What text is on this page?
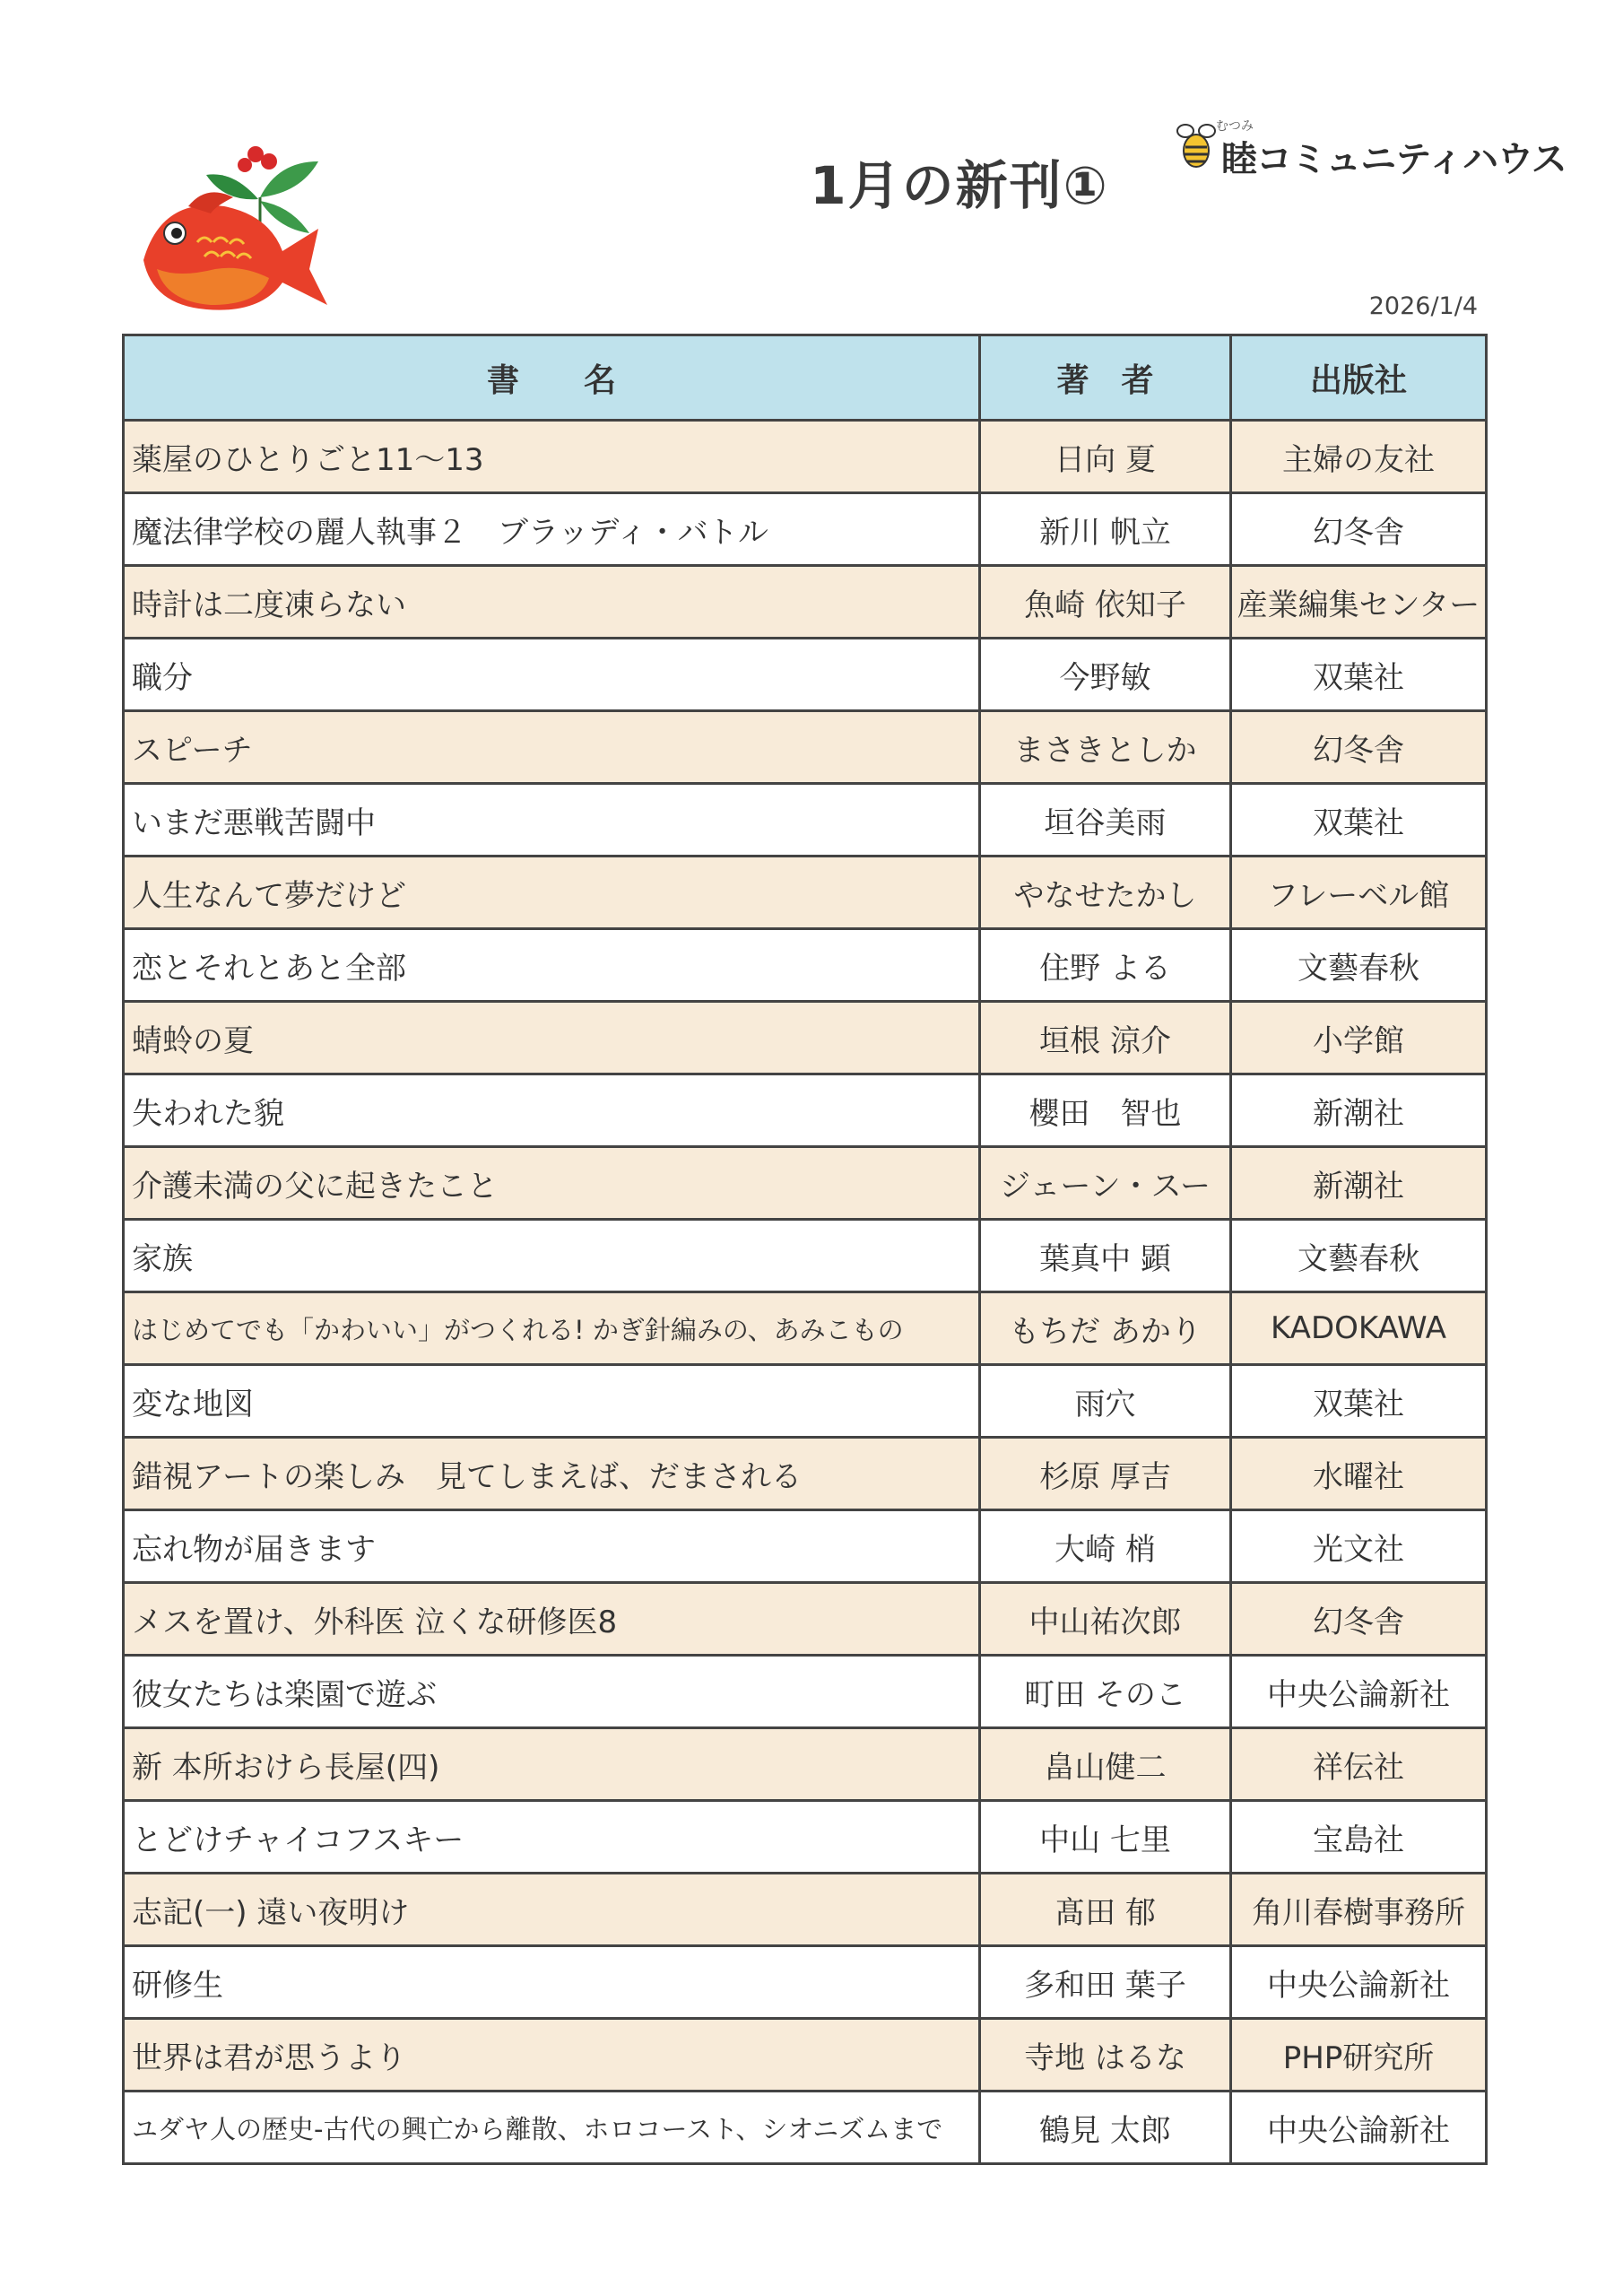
1月の新刊①
むつみ
睦コミュニティハウス
2026/1/4
書　　名	著　者	出版社
薬屋のひとりごと11～13	日向 夏	主婦の友社
魔法律学校の麗人執事２　ブラッディ・バトル	新川 帆立	幻冬舎
時計は二度凍らない	魚崎 依知子	産業編集センター
職分	今野敏	双葉社
スピーチ	まさきとしか	幻冬舎
いまだ悪戦苦闘中	垣谷美雨	双葉社
人生なんて夢だけど	やなせたかし	フレーベル館
恋とそれとあと全部	住野 よる	文藝春秋
蜻蛉の夏	垣根 涼介	小学館
失われた貌	櫻田　智也	新潮社
介護未満の父に起きたこと	ジェーン・スー	新潮社
家族	葉真中 顕	文藝春秋
はじめてでも「かわいい」がつくれる! かぎ針編みの、あみこもの	もちだ あかり	KADOKAWA
変な地図	雨穴	双葉社
錯視アートの楽しみ　見てしまえば、だまされる	杉原 厚吉	水曜社
忘れ物が届きます	大崎 梢	光文社
メスを置け、外科医 泣くな研修医8	中山祐次郎	幻冬舎
彼女たちは楽園で遊ぶ	町田 そのこ	中央公論新社
新 本所おけら長屋(四)	畠山健二	祥伝社
とどけチャイコフスキー	中山 七里	宝島社
志記(一) 遠い夜明け	髙田 郁	角川春樹事務所
研修生	多和田 葉子	中央公論新社
世界は君が思うより	寺地 はるな	PHP研究所
ユダヤ人の歴史-古代の興亡から離散、ホロコースト、シオニズムまで	鶴見 太郎	中央公論新社
